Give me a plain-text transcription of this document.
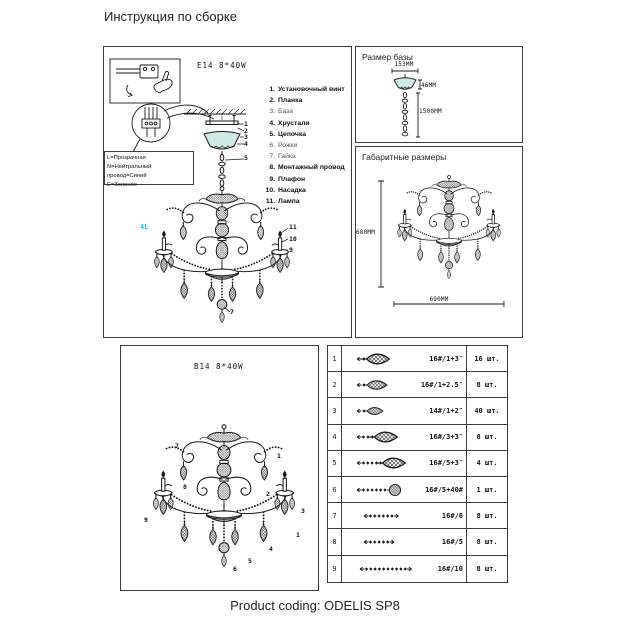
Инструкция по сборке
E14 8*40W
L=Прозрачная
N=Нейтральный провод=Синий
E=Зеленое
4L
1. Установочный винт
2. Планка
3. База
4. Хрустали
5. Цепочка
6. Рожки
7. Гайка
8. Монтажный провод
9. Плафон
10. Насадка
11. Лампа
1
2
3
4
5
11
10
9
7
Размер базы
153MM
46MM
1500MM
Габаритные размеры
680MM
690MM
B14 8*40W
7
1
8
2
3
9
1
4
5
6
1	16#/1+3″	16 шт.
2	16#/1+2.5″	8 шт.
3	14#/1+2″	40 шт.
4	16#/3+3″	8 шт.
5	16#/5+3″	4 шт.
6	16#/5+40#	1 шт.
7	16#/6	8 шт.
8	16#/5	8 шт.
9	16#/10	8 шт.
Product coding: ODELIS SP8
